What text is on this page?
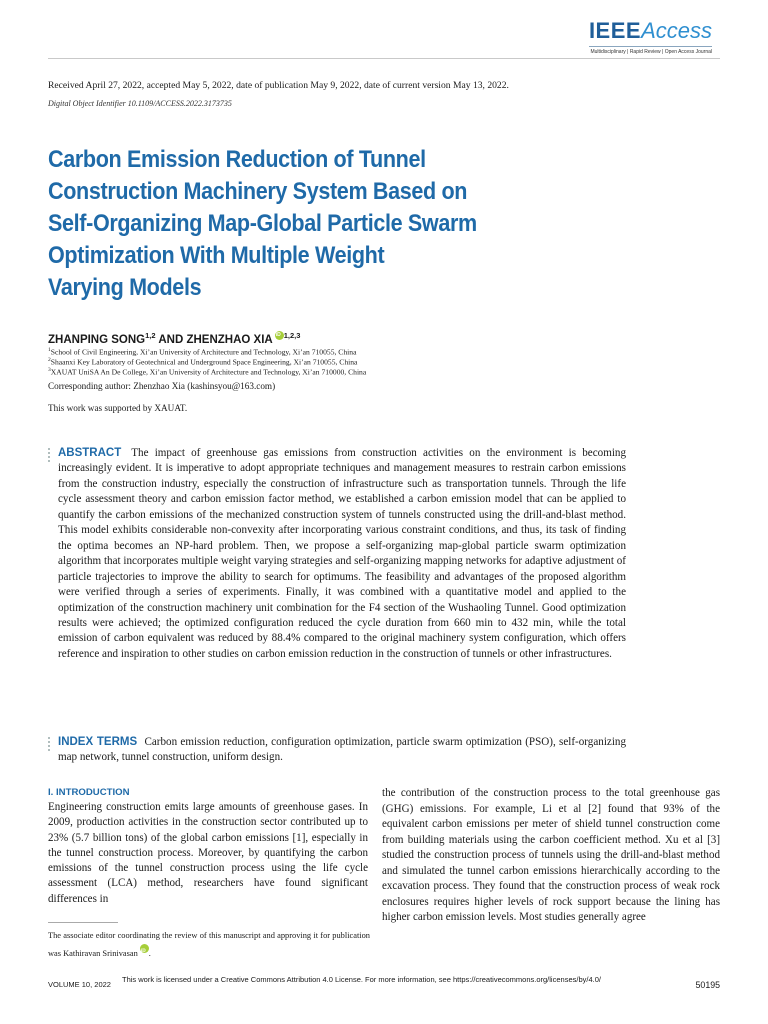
IEEEAccess
Multidisciplinary | Rapid Review | Open Access Journal
Received April 27, 2022, accepted May 5, 2022, date of publication May 9, 2022, date of current version May 13, 2022.
Digital Object Identifier 10.1109/ACCESS.2022.3173735
Carbon Emission Reduction of Tunnel
Construction Machinery System Based on
Self-Organizing Map-Global Particle Swarm
Optimization With Multiple Weight
Varying Models
ZHANPING SONG$^{1,2}$ AND ZHENZHAO XIAiD $^{1,2,3}$
$^1$School of Civil Engineering, Xi’an University of Architecture and Technology, Xi’an 710055, China
$^2$Shaanxi Key Laboratory of Geotechnical and Underground Space Engineering, Xi’an 710055, China
$^3$XAUAT UniSA An De College, Xi’an University of Architecture and Technology, Xi’an 710000, China
Corresponding author: Zhenzhao Xia (kashinsyou@163.com)
This work was supported by XAUAT.
ABSTRACT The impact of greenhouse gas emissions from construction activities on the environment is becoming increasingly evident. It is imperative to adopt appropriate techniques and management measures to restrain carbon emissions from the construction industry, especially the construction of infrastructure such as transportation tunnels. Through the life cycle assessment theory and carbon emission factor method, we established a carbon emission model that can be applied to quantify the carbon emissions of the mechanized construction system of tunnels constructed using the drill-and-blast method. This model exhibits considerable non-convexity after incorporating various constraint conditions, and thus, its task of finding the optima becomes an NP-hard problem. Then, we propose a self-organizing map-global particle swarm optimization algorithm that incorporates multiple weight varying strategies and self-organizing mapping networks for adaptive adjustment of particle trajectories to improve the ability to search for optimums. The feasibility and advantages of the proposed algorithm were verified through a series of experiments. Finally, it was combined with a quantitative model and applied to the optimization of the construction machinery unit combination for the F4 section of the Wushaoling Tunnel. Good optimization results were achieved; the optimized configuration reduced the cycle duration from 660 min to 432 min, while the total emission of carbon equivalent was reduced by 88.4% compared to the original machinery system configuration, which offers reference and inspiration to other studies on carbon emission reduction in the construction of tunnels or other infrastructures.
INDEX TERMS Carbon emission reduction, configuration optimization, particle swarm optimization (PSO), self-organizing map network, tunnel construction, uniform design.
I. INTRODUCTION
Engineering construction emits large amounts of greenhouse gases. In 2009, production activities in the construction sector contributed up to 23% (5.7 billion tons) of the global carbon emissions [1], especially in the tunnel construction process. Moreover, by quantifying the carbon emissions of the tunnel construction process using the life cycle assessment (LCA) method, researchers have found significant differences in
the contribution of the construction process to the total greenhouse gas (GHG) emissions. For example, Li et al [2] found that 93% of the equivalent carbon emissions per meter of shield tunnel construction come from building materials using the carbon coefficient method. Xu et al [3] studied the construction process of tunnels using the drill-and-blast method and simulated the tunnel carbon emissions hierarchically according to the excavation process. They found that the construction process of weak rock enclosures requires higher levels of rock support because the lining has higher carbon emission levels. Most studies generally agree
The associate editor coordinating the review of this manuscript and approving it for publication was Kathiravan SrinivasaniD .
VOLUME 10, 2022
This work is licensed under a Creative Commons Attribution 4.0 License. For more information, see https://creativecommons.org/licenses/by/4.0/
50195
